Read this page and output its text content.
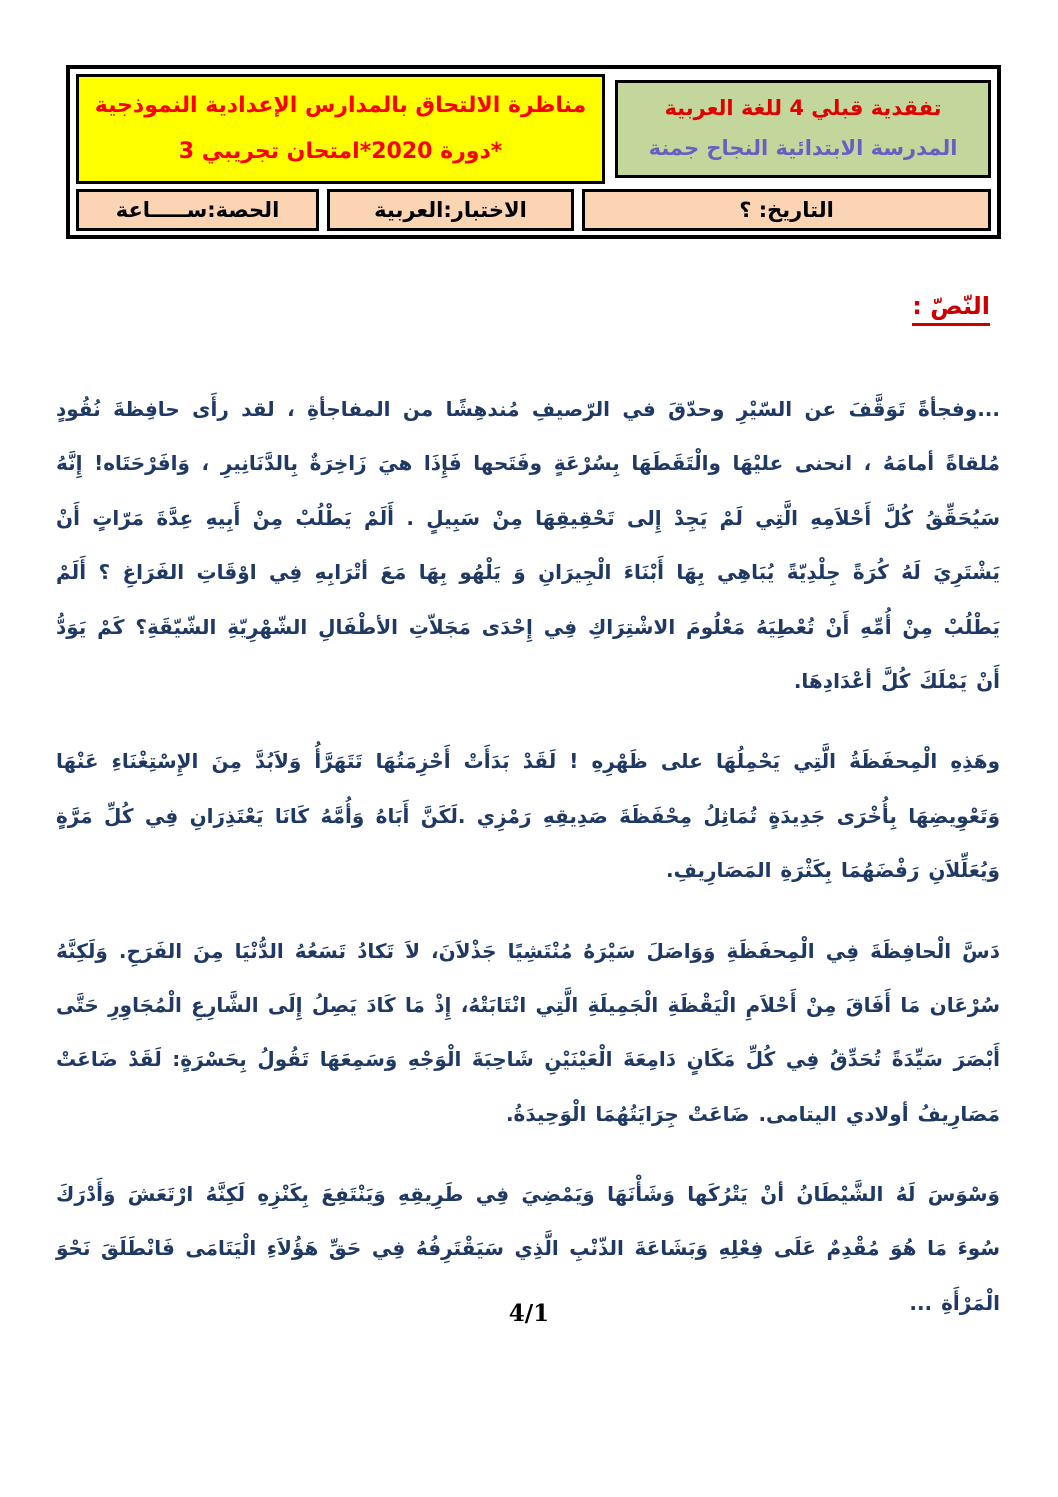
تفقدية قبلي 4 للغة العربية
المدرسة الابتدائية النجاح جمنة
مناظرة الالتحاق بالمدارس الإعدادية النموذجية
*دورة 2020*امتحان تجريبي 3
التاريخ: ؟
الاختبار:العربية
الحصة:ســـــاعة
النّصّ :

...وفجأةً تَوَقَّفَ عن السّيْرِ وحدّقَ في الرّصيفِ مُندهِشًا من المفاجأةِ ، لقد رأَى حافِظةَ نُقُودٍ مُلقاةً أمامَهُ ، انحنى عليْهَا والْتَقَطَهَا بِسُرْعَةٍ وفَتَحها فَإِذَا هيَ زَاخِرَةٌ بِالدَّنَانِيرِ ، وَافَرْحَتَاه! إِنَّهُ سَيُحَقِّقُ كُلَّ أَحْلاَمِهِ الَّتِي لَمْ يَجِدْ إِلى تَحْقِيقِهَا مِنْ سَبِيلٍ . أَلَمْ يَطْلُبْ مِنْ أَبِيهِ عِدَّةَ مَرّاتٍ أَنْ يَشْتَرِيَ لَهُ كُرَةً جِلْدِيّةً يُبَاهِي بِهَا أَبْنَاءَ الْجِيرَانِ وَ يَلْهُو بِهَا مَعَ أتْرَابِهِ فِي اوْقَاتِ الفَرَاغِ ؟ أَلَمْ يَطْلُبْ مِنْ أُمِّهِ أَنْ تُعْطِيَهُ مَعْلُومَ الاشْتِرَاكِ فِي إِحْدَى مَجَلاّتِ الأطْفَالِ الشّهْرِيّةِ الشّيّقَةِ؟ كَمْ يَوَدُّ أَنْ يَمْلَكَ كُلَّ أعْدَادِهَا.

وهَذِهِ الْمِحفَظَةُ الَّتِي يَحْمِلُهَا على ظَهْرِهِ ! لَقَدْ بَدَأَتْ أَحْزِمَتُهَا تَتَهَرَّأُ وَلاَبُدَّ مِنَ الإِسْتِغْنَاءِ عَنْهَا وَتَعْوِيضِهَا بِأُخْرَى جَدِيدَةٍ تُمَاثِلُ مِحْفَظَةَ صَدِيقِهِ رَمْزِي .لَكَنَّ أَبَاهُ وَأُمَّهُ كَانَا يَعْتَذِرَانِ فِي كُلِّ مَرَّةٍ وَيُعَلِّلاَنِ رَفْضَهُمَا بِكَثْرَةِ المَصَارِيفِ.

دَسَّ الْحافِظَةَ فِي الْمِحفَظَةِ وَوَاصَلَ سَيْرَهُ مُنْتَشِيًا جَذْلاَنَ، لاَ تَكادُ تَسَعُهُ الدُّنْيَا مِنَ الفَرَحِ. وَلَكِنَّهُ سُرْعَان مَا أَفَاقَ مِنْ أَحْلاَمِ الْيَقْظَةِ الْجَمِيلَةِ الَّتِي انْتَابَتْهُ، إِذْ مَا كَادَ يَصِلُ إِلَى الشَّارِعِ الْمُجَاوِرِ حَتَّى أَبْصَرَ سَيِّدَةً تُحَدِّقُ فِي كُلِّ مَكَانٍ دَامِعَةَ الْعَيْنَيْنِ شَاحِبَةَ الْوَجْهِ وَسَمِعَهَا تَقُولُ بِحَسْرَةٍ: لَقَدْ ضَاعَتْ مَصَارِيفُ أولادي اليتامى. ضَاعَتْ جِرَايَتُهُمَا الْوَحِيدَةُ.

وَسْوَسَ لَهُ الشَّيْطَانُ أنْ يَتْرُكَها وَشَأْنَهَا وَيَمْضِيَ فِي طَرِيقِهِ وَيَنْتَفِعَ بِكَنْزِهِ لَكِنَّهُ ارْتَعَشَ وَأَدْرَكَ سُوءَ مَا هُوَ مُقْدِمٌ عَلَى فِعْلِهِ وَبَشَاعَةَ الذّنْبِ الَّذِي سَيَقْتَرِفُهُ فِي حَقِّ هَؤُلاَءِ الْيَتَامَى فَانْطَلَقَ نَحْوَ الْمَرْأَةِ ...

4/1
